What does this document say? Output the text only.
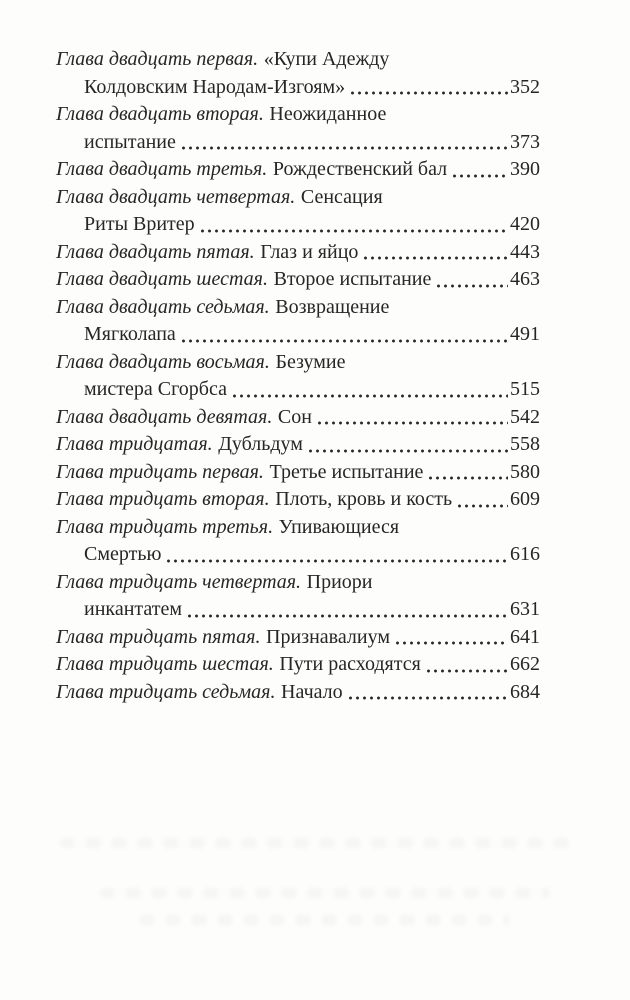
Глава двадцать первая. «Купи Адежду
Колдовским Народам-Изгоям»	352
Глава двадцать вторая. Неожиданное
испытание	373
Глава двадцать третья. Рождественский бал	390
Глава двадцать четвертая. Сенсация
Риты Вритер	420
Глава двадцать пятая. Глаз и яйцо	443
Глава двадцать шестая. Второе испытание	463
Глава двадцать седьмая. Возвращение
Мягколапа	491
Глава двадцать восьмая. Безумие
мистера Сгорбса	515
Глава двадцать девятая. Сон	542
Глава тридцатая. Дубльдум	558
Глава тридцать первая. Третье испытание	580
Глава тридцать вторая. Плоть, кровь и кость	609
Глава тридцать третья. Упивающиеся
Смертью	616
Глава тридцать четвертая. Приори
инкантатем	631
Глава тридцать пятая. Признавалиум	641
Глава тридцать шестая. Пути расходятся	662
Глава тридцать седьмая. Начало	684
